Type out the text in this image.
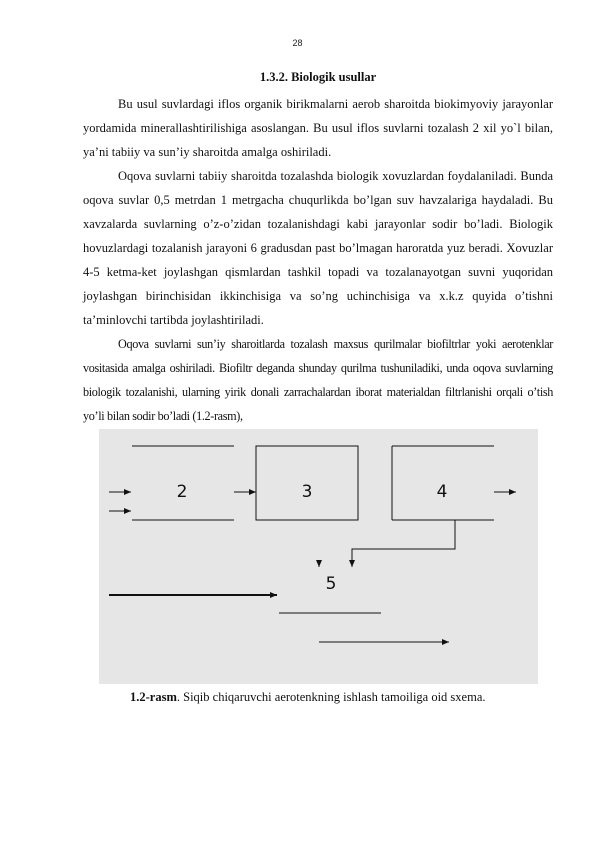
28
1.3.2. Biologik usullar
Bu usul suvlardagi iflos organik birikmalarni aerob sharoitda biokimyoviy jarayonlar yordamida minerallashtirilishiga asoslangan. Bu usul iflos suvlarni tozalash 2 xil yo`l bilan, ya’ni tabiiy va sun’iy sharoitda amalga oshiriladi.
Oqova suvlarni tabiiy sharoitda tozalashda biologik xovuzlardan foydalaniladi. Bunda oqova suvlar 0,5 metrdan 1 metrgacha chuqurlikda bo’lgan suv havzalariga haydaladi. Bu xavzalarda suvlarning o’z-o’zidan tozalanishdagi kabi jarayonlar sodir bo’ladi. Biologik hovuzlardagi tozalanish jarayoni 6 gradusdan past bo’lmagan haroratda yuz beradi. Xovuzlar 4-5 ketma-ket joylashgan qismlardan tashkil topadi va tozalanayotgan suvni yuqoridan joylashgan birinchisidan ikkinchisiga va so’ng uchinchisiga va x.k.z quyida o’tishni ta’minlovchi tartibda joylashtiriladi.
Oqova suvlarni sun’iy sharoitlarda tozalash maxsus qurilmalar biofiltrlar yoki aerotenklar vositasida amalga oshiriladi. Biofiltr deganda shunday qurilma tushuniladiki, unda oqova suvlarning biologik tozalanishi, ularning yirik donali zarrachalardan iborat materialdan filtrlanishi orqali o’tish yo’li bilan sodir bo’ladi (1.2-rasm),
2	3	4
5
1.2-rasm. Siqib chiqaruvchi aerotenkning ishlash tamoiliga oid sxema.
